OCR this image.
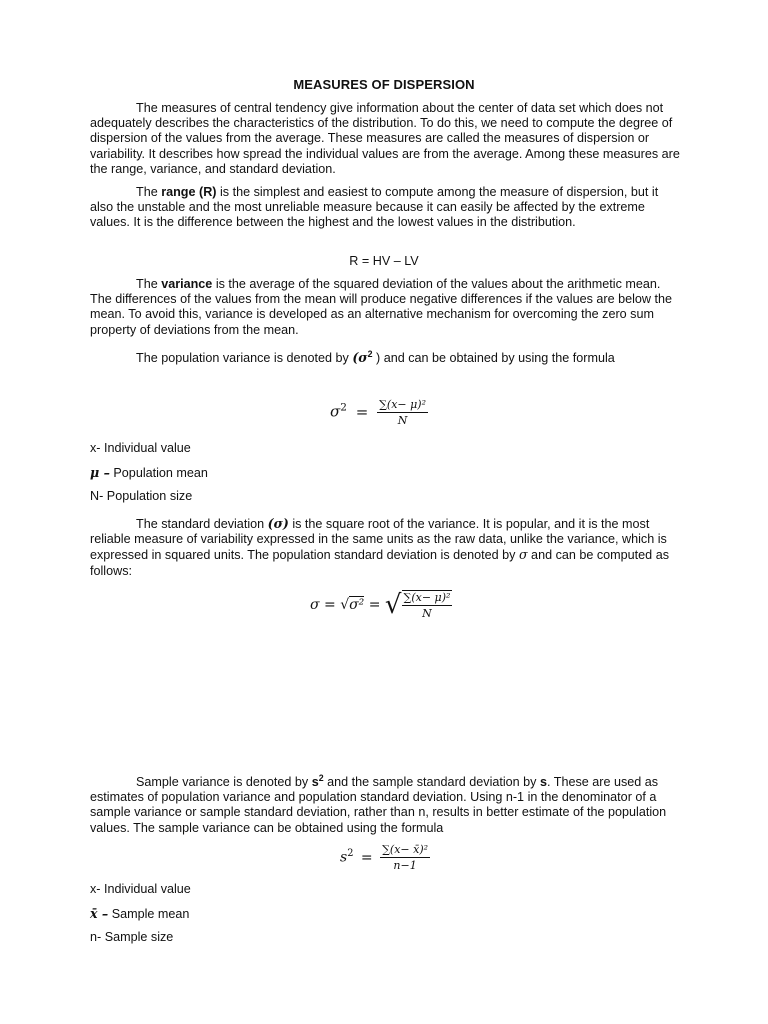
MEASURES OF DISPERSION

The measures of central tendency give information about the center of data set which does not adequately describes the characteristics of the distribution. To do this, we need to compute the degree of dispersion of the values from the average. These measures are called the measures of dispersion or variability. It describes how spread the individual values are from the average. Among these measures are the range, variance, and standard deviation.

The range (R) is the simplest and easiest to compute among the measure of dispersion, but it also the unstable and the most unreliable measure because it can easily be affected by the extreme values. It is the difference between the highest and the lowest values in the distribution.

R = HV – LV

The variance is the average of the squared deviation of the values about the arithmetic mean. The differences of the values from the mean will produce negative differences if the values are below the mean. To avoid this, variance is developed as an alternative mechanism for overcoming the zero sum property of deviations from the mean.

The population variance is denoted by ($\sigma^2$ ) and can be obtained by using the formula

$\sigma^2 = \frac{\text{∑(x− μ)²}}{N}$
x- Individual value
μ – Population mean
N- Population size

The standard deviation (σ) is the square root of the variance. It is popular, and it is the most reliable measure of variability expressed in the same units as the raw data, unlike the variance, which is expressed in squared units. The population standard deviation is denoted by σ and can be computed as follows:

σ = √σ² = √ $\frac{\text{∑(x− μ)²}}{N}$

Sample variance is denoted by $s^2$ and the sample standard deviation by s. These are used as estimates of population variance and population standard deviation. Using n-1 in the denominator of a sample variance or sample standard deviation, rather than n, results in better estimate of the population values. The sample variance can be obtained using the formula

$s^2 = \frac{\text{∑(x− x̄)²}}{n-1}$
x- Individual value
x̄ – Sample mean
n- Sample size
